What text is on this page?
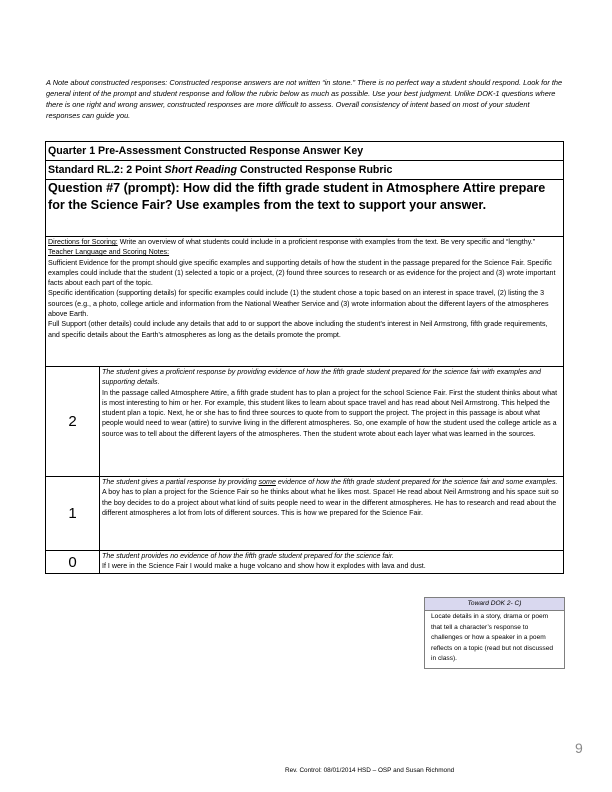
A Note about constructed responses: Constructed response answers are not written “in stone.” There is no perfect way a student should respond. Look for the general intent of the prompt and student response and follow the rubric below as much as possible. Use your best judgment. Unlike DOK-1 questions where there is one right and wrong answer, constructed responses are more difficult to assess. Overall consistency of intent based on most of your student responses can guide you.

Quarter 1 Pre-Assessment Constructed Response Answer Key	
Standard RL.2: 2 Point Short Reading Constructed Response Rubric	
Question #7 (prompt): How did the fifth grade student in Atmosphere Attire prepare for the Science Fair? Use examples from the text to support your answer.	
Directions for Scoring: Write an overview of what students could include in a proficient response with examples from the text. Be very specific and “lengthy.” Teacher Language and Scoring Notes:
Sufficient Evidence for the prompt should give specific examples and supporting details of how the student in the passage prepared for the Science Fair. Specific examples could include that the student (1) selected a topic or a project, (2) found three sources to research or as evidence for the project and (3) wrote important facts about each part of the topic.
Specific identification (supporting details) for specific examples could include (1) the student chose a topic based on an interest in space travel, (2) listing the 3 sources (e.g., a photo, college article and information from the National Weather Service and (3) wrote information about the different layers of the atmospheres above Earth.
Full Support (other details) could include any details that add to or support the above including the student’s interest in Neil Armstrong, fifth grade requirements, and specific details about the Earth’s atmospheres as long as the details promote the prompt.	
2	The student gives a proficient response by providing evidence of how the fifth grade student prepared for the science fair with examples and supporting details.
In the passage called Atmosphere Attire, a fifth grade student has to plan a project for the school Science Fair. First the student thinks about what is most interesting to him or her. For example, this student likes to learn about space travel and has read about Neil Armstrong. This helped the student plan a topic. Next, he or she has to find three sources to quote from to support the project. The project in this passage is about what people would need to wear (attire) to survive living in the different atmospheres. So, one example of how the student used the college article as a source was to tell about the different layers of the atmospheres. Then the student wrote about each layer what was learned in the sources.

1	The student gives a partial response by providing some evidence of how the fifth grade student prepared for the science fair and some examples.
A boy has to plan a project for the Science Fair so he thinks about what he likes most. Space! He read about Neil Armstrong and his space suit so the boy decides to do a project about what kind of suits people need to wear in the different atmospheres. He has to research and read about the different atmospheres a lot from lots of different sources. This is how we prepared for the Science Fair.

0	The student provides no evidence of how the fifth grade student prepared for the science fair.
If I were in the Science Fair I would make a huge volcano and show how it explodes with lava and dust.
Toward DOK 2- C)
Locate details in a story, drama or poem that tell a character’s response to challenges or how a speaker in a poem reflects on a topic (read but not discussed in class).
9
Rev. Control: 08/01/2014 HSD – OSP and Susan Richmond
